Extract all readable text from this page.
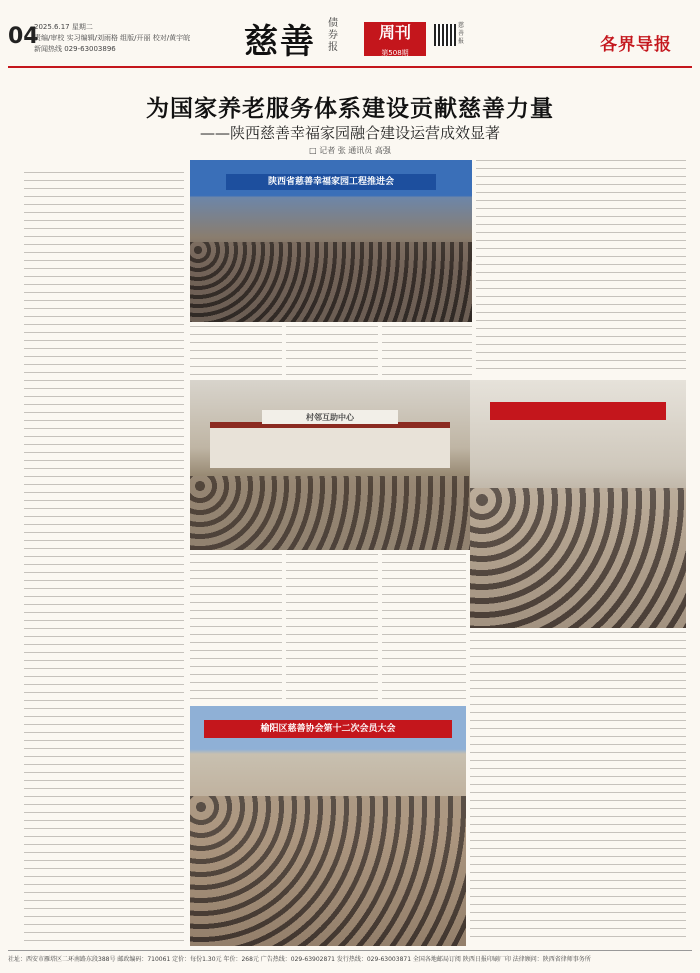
04
2025.6.17 星期二
责编/审校 实习编辑/刘雨格 组版/开丽 校对/黄宇皖
新闻热线 029-63003896	慈善 债券报
周刊
第508期
慈善报	各界导报
为国家养老服务体系建设贡献慈善力量
——陕西慈善幸福家园融合建设运营成效显著
□ 记者 张 通讯员 高强
陕西省慈善幸福家园工程推进会
村邻互助中心
榆阳区慈善协会第十二次会员大会
社址：西安市雁塔区二环南路东段388号 邮政编码：710061 定价：每份1.30元 年价：268元 广告热线：029-63902871 发行热线：029-63003871 全国各地邮局订阅 陕西日报印刷厂印 法律顾问：陕西省律师事务所
